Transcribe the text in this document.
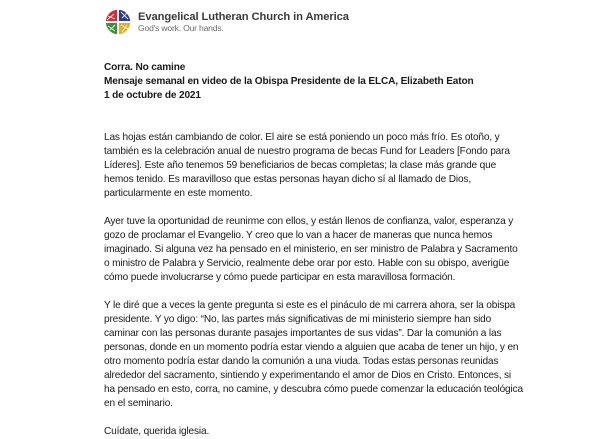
Evangelical Lutheran Church in America
God's work. Our hands.
Corra. No camine
Mensaje semanal en video de la Obispa Presidente de la ELCA, Elizabeth Eaton
1 de octubre de 2021
Las hojas están cambiando de color. El aire se está poniendo un poco más frío. Es otoño, y
también es la celebración anual de nuestro programa de becas Fund for Leaders [Fondo para
Líderes]. Este año tenemos 59 beneficiarios de becas completas; la clase más grande que
hemos tenido. Es maravilloso que estas personas hayan dicho sí al llamado de Dios,
particularmente en este momento.
Ayer tuve la oportunidad de reunirme con ellos, y están llenos de confianza, valor, esperanza y
gozo de proclamar el Evangelio. Y creo que lo van a hacer de maneras que nunca hemos
imaginado. Si alguna vez ha pensado en el ministerio, en ser ministro de Palabra y Sacramento
o ministro de Palabra y Servicio, realmente debe orar por esto. Hable con su obispo, averigüe
cómo puede involucrarse y cómo puede participar en esta maravillosa formación.
Y le diré que a veces la gente pregunta si este es el pináculo de mi carrera ahora, ser la obispa
presidente. Y yo digo: “No, las partes más significativas de mi ministerio siempre han sido
caminar con las personas durante pasajes importantes de sus vidas”. Dar la comunión a las
personas, donde en un momento podría estar viendo a alguien que acaba de tener un hijo, y en
otro momento podría estar dando la comunión a una viuda. Todas estas personas reunidas
alrededor del sacramento, sintiendo y experimentando el amor de Dios en Cristo. Entonces, si
ha pensado en esto, corra, no camine, y descubra cómo puede comenzar la educación teológica
en el seminario.
Cuídate, querida iglesia.
